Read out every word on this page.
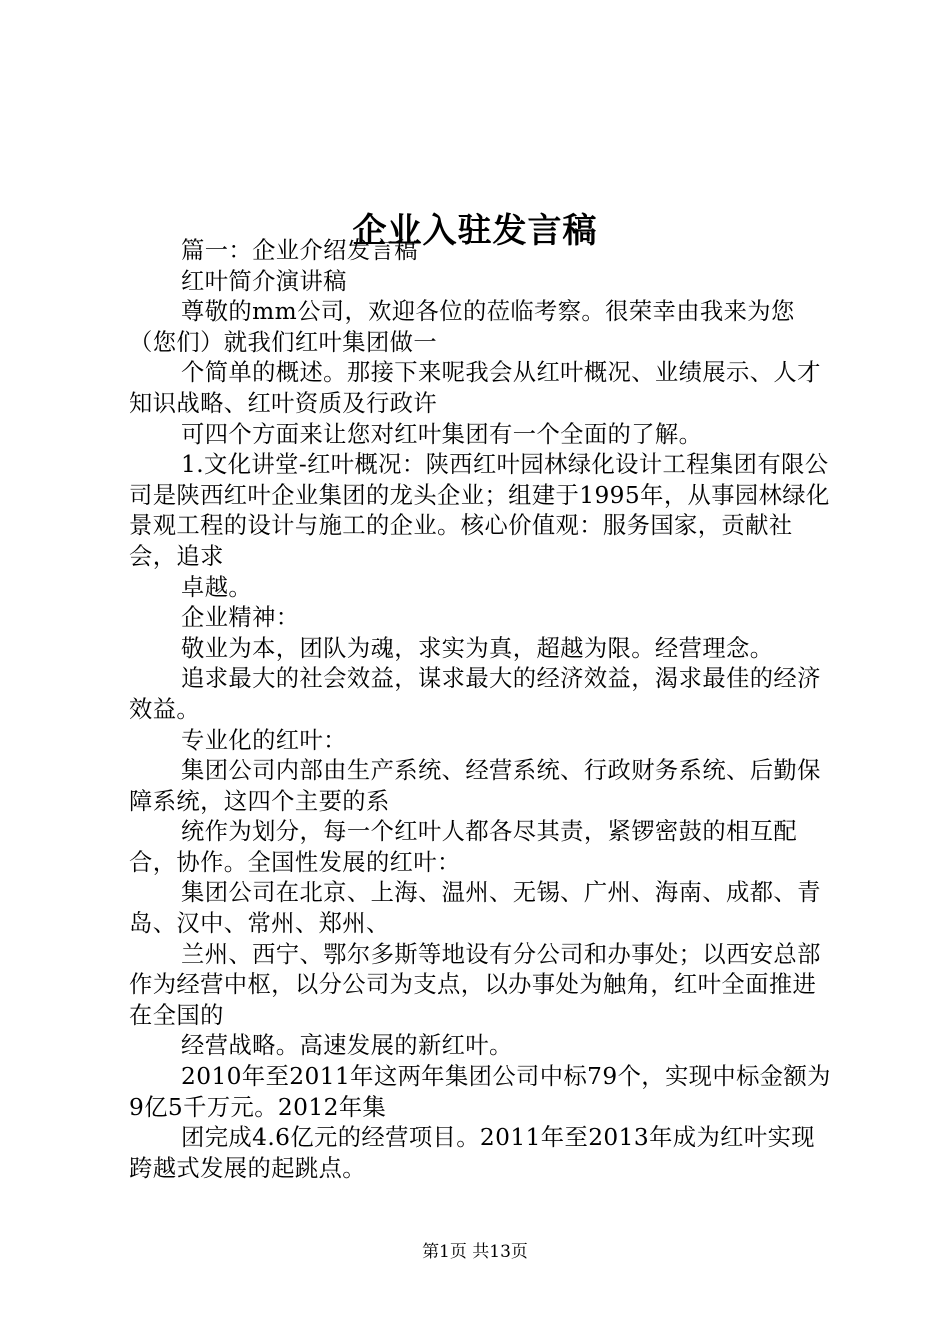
企业入驻发言稿

篇一：企业介绍发言稿

红叶简介演讲稿

尊敬的mm公司，欢迎各位的莅临考察。很荣幸由我来为您（您们）就我们红叶集团做一

个简单的概述。那接下来呢我会从红叶概况、业绩展示、人才知识战略、红叶资质及行政许

可四个方面来让您对红叶集团有一个全面的了解。

1.文化讲堂-红叶概况：陕西红叶园林绿化设计工程集团有限公司是陕西红叶企业集团的龙头企业；组建于1995年，从事园林绿化景观工程的设计与施工的企业。核心价值观：服务国家，贡献社会，追求

卓越。

企业精神：

敬业为本，团队为魂，求实为真，超越为限。经营理念。

追求最大的社会效益，谋求最大的经济效益，渴求最佳的经济效益。

专业化的红叶：

集团公司内部由生产系统、经营系统、行政财务系统、后勤保障系统，这四个主要的系

统作为划分，每一个红叶人都各尽其责，紧锣密鼓的相互配合，协作。全国性发展的红叶：

集团公司在北京、上海、温州、无锡、广州、海南、成都、青岛、汉中、常州、郑州、

兰州、西宁、鄂尔多斯等地设有分公司和办事处；以西安总部作为经营中枢，以分公司为支点，以办事处为触角，红叶全面推进在全国的

经营战略。高速发展的新红叶。

2010年至2011年这两年集团公司中标79个，实现中标金额为9亿5千万元。2012年集

团完成4.6亿元的经营项目。2011年至2013年成为红叶实现跨越式发展的起跳点。

第1页 共13页
